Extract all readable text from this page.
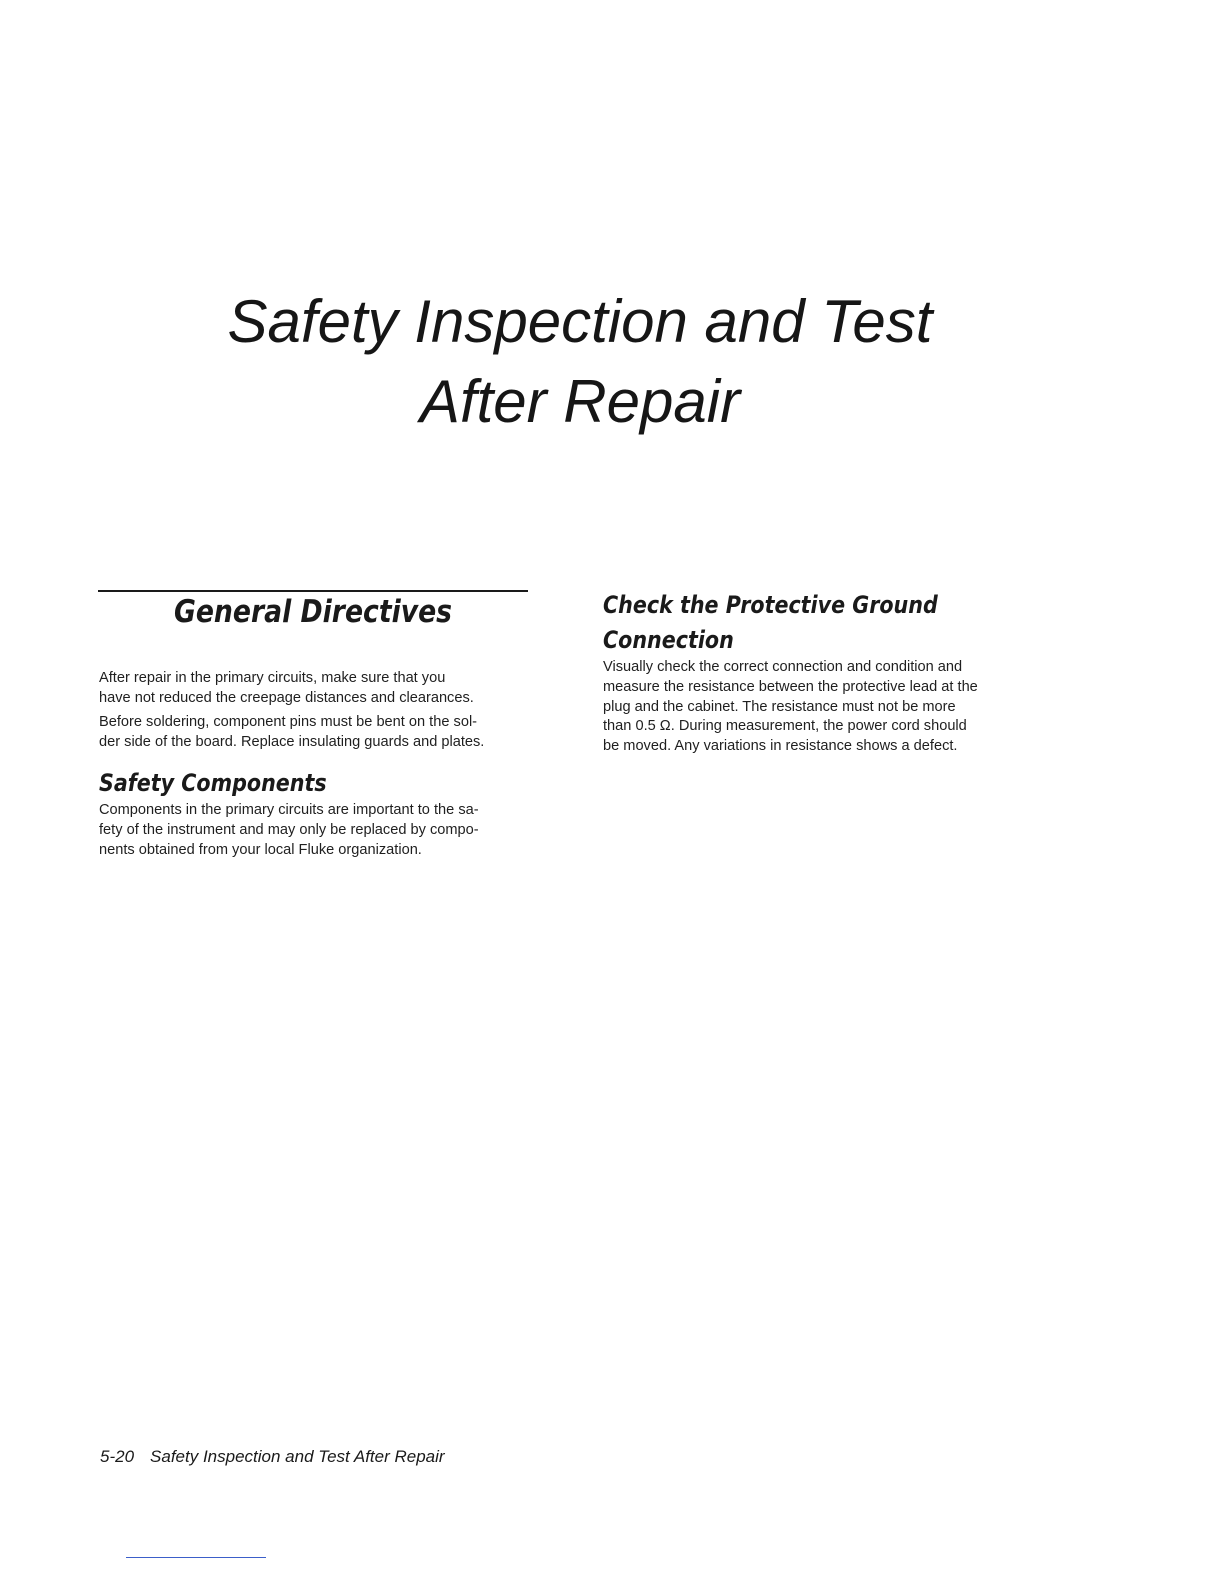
Safety Inspection and Test
After Repair
General Directives

After repair in the primary circuits, make sure that you
have not reduced the creepage distances and clearances.

Before soldering, component pins must be bent on the sol-
der side of the board. Replace insulating guards and plates.

Safety Components

Components in the primary circuits are important to the sa-
fety of the instrument and may only be replaced by compo-
nents obtained from your local Fluke organization.

Check the Protective Ground
Connection

Visually check the correct connection and condition and
measure the resistance between the protective lead at the
plug and the cabinet. The resistance must not be more
than 0.5 Ω. During measurement, the power cord should
be moved. Any variations in resistance shows a defect.

5-20 Safety Inspection and Test After Repair
